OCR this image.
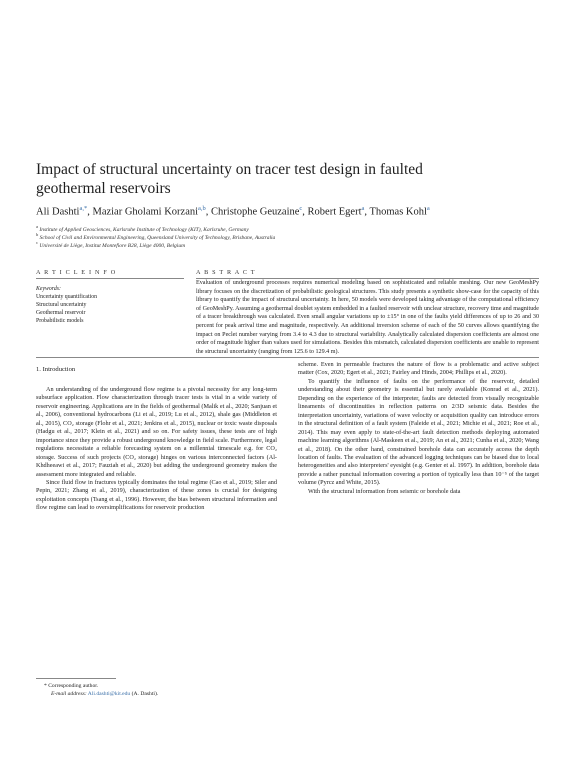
Impact of structural uncertainty on tracer test design in faulted geothermal reservoirs
Ali Dashti$^{a,*}$, Maziar Gholami Korzani$^{a,b}$, Christophe Geuzaine$^c$, Robert Egert$^a$, Thomas Kohl$^a$
$^a$ Institute of Applied Geosciences, Karlsruhe Institute of Technology (KIT), Karlsruhe, Germany
$^b$ School of Civil and Environmental Engineering, Queensland University of Technology, Brisbane, Australia
$^c$ Université de Liège, Institut Montefiore B28, Liège 4000, Belgium
A R T I C L E I N F O	A B S T R A C T
Keywords:
Uncertainty quantification
Structural uncertainty
Geothermal reservoir
Probabilistic models
Evaluation of underground processes requires numerical modeling based on sophisticated and reliable meshing. Our new GeoMeshPy library focuses on the discretization of probabilistic geological structures. This study presents a synthetic show-case for the capacity of this library to quantify the impact of structural uncertainty. In here, 50 models were developed taking advantage of the computational efficiency of GeoMeshPy. Assuming a geothermal doublet system embedded in a faulted reservoir with unclear structure, recovery time and magnitude of a tracer breakthrough was calculated. Even small angular variations up to ±15° in one of the faults yield differences of up to 26 and 30 percent for peak arrival time and magnitude, respectively. An additional inversion scheme of each of the 50 curves allows quantifying the impact on Peclet number varying from 3.4 to 4.3 due to structural variability. Analytically calculated dispersion coefficients are almost one order of magnitude higher than values used for simulations. Besides this mismatch, calculated dispersion coefficients are unable to represent the structural uncertainty (ranging from 125.6 to 129.4 m).
1. Introduction

An understanding of the underground flow regime is a pivotal necessity for any long-term subsurface application. Flow characterization through tracer tests is vital in a wide variety of reservoir engineering. Applications are in the fields of geothermal (Malik et al., 2020; Sanjuan et al., 2006), conventional hydrocarbons (Li et al., 2019; Lu et al., 2012), shale gas (Middleton et al., 2015), CO₂ storage (Flohr et al., 2021; Jenkins et al., 2015), nuclear or toxic waste disposals (Hadgu et al., 2017; Klein et al., 2021) and so on. For safety issues, these tests are of high importance since they provide a robust underground knowledge in field scale. Furthermore, legal regulations necessitate a reliable forecasting system on a millennial timescale e.g. for CO₂ storage. Success of such projects (CO₂ storage) hinges on various interconnected factors (Al-Khdheeawi et al., 2017; Fauziah et al., 2020) but adding the underground geometry makes the assessment more integrated and reliable.

Since fluid flow in fractures typically dominates the total regime (Cao et al., 2019; Siler and Pepin, 2021; Zhang et al., 2019), characterization of these zones is crucial for designing exploitation concepts (Tsang et al., 1996). However, the bias between structural information and flow regime can lead to oversimplifications for reservoir production

scheme. Even in permeable fractures the nature of flow is a problematic and active subject matter (Cox, 2020; Egert et al., 2021; Fairley and Hinds, 2004; Phillips et al., 2020).

To quantify the influence of faults on the performance of the reservoir, detailed understanding about their geometry is essential but rarely available (Konrad et al., 2021). Depending on the experience of the interpreter, faults are detected from visually recognizable lineaments of discontinuities in reflection patterns on 2/3D seismic data. Besides the interpretation uncertainty, variations of wave velocity or acquisition quality can introduce errors in the structural definition of a fault system (Faleide et al., 2021; Michie et al., 2021; Roe et al., 2014). This may even apply to state-of-the-art fault detection methods deploying automated machine learning algorithms (Al-Maskeen et al., 2019; An et al., 2021; Cunha et al., 2020; Wang et al., 2018). On the other hand, constrained borehole data can accurately access the depth location of faults. The evaluation of the advanced logging techniques can be biased due to local heterogeneities and also interpreters' eyesight (e.g. Genter et al. 1997). In addition, borehole data provide a rather punctual information covering a portion of typically less than 10⁻⁵ of the target volume (Pyrcz and White, 2015).

With the structural information from seismic or borehole data

* Corresponding author.
E-mail address: Ali.dashti@kit.edu (A. Dashti).
